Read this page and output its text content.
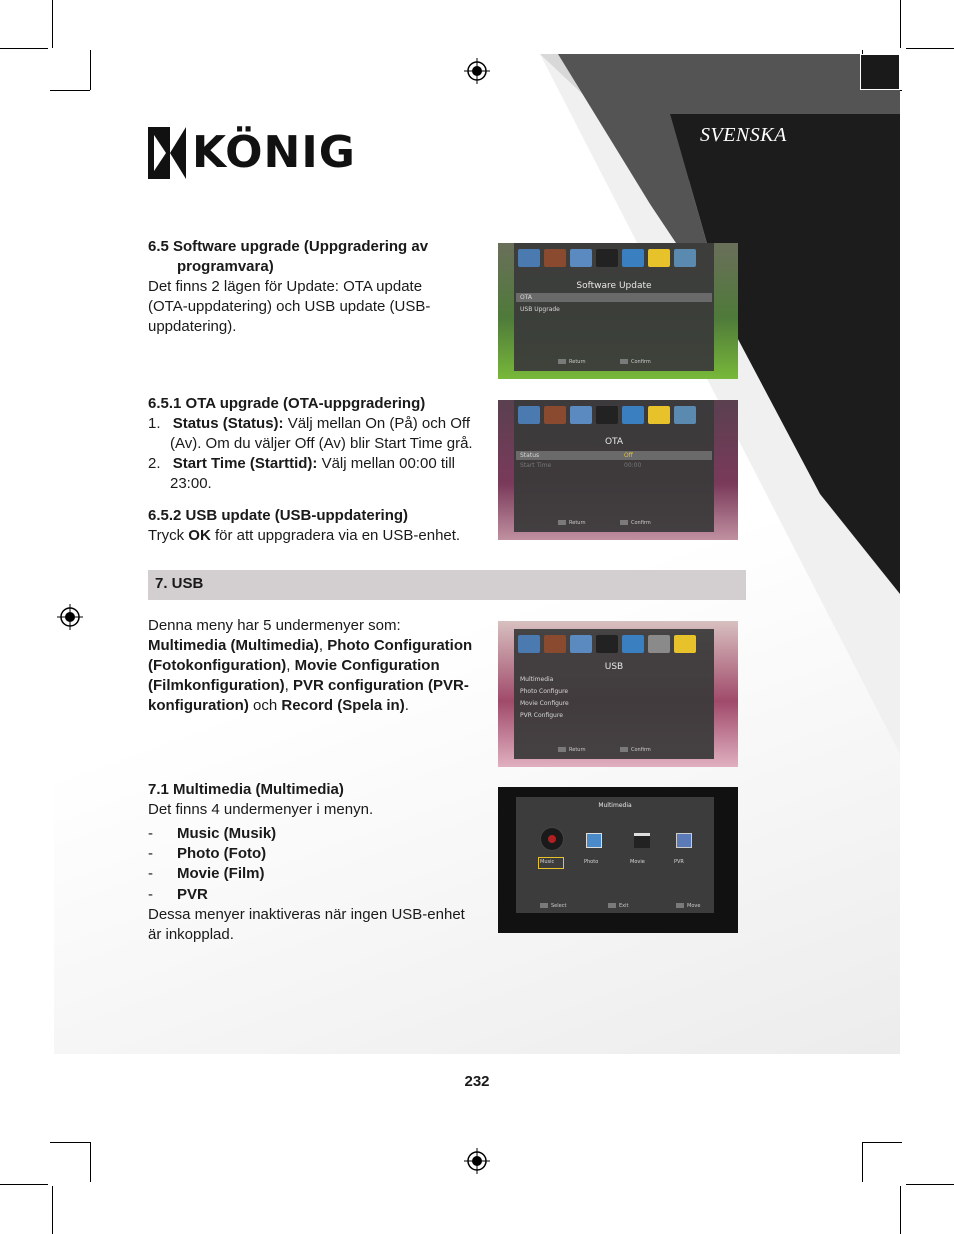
SVENSKA
KÖNIG
6.5 Software upgrade (Uppgradering av
programvara)
Det finns 2 lägen för Update: OTA update
(OTA-uppdatering) och USB update (USB-
uppdatering).
6.5.1 OTA upgrade (OTA-uppgradering)
1. Status (Status): Välj mellan On (På) och Off
(Av). Om du väljer Off (Av) blir Start Time grå.
2. Start Time (Starttid): Välj mellan 00:00 till
23:00.
6.5.2 USB update (USB-uppdatering)
Tryck OK för att uppgradera via en USB-enhet.
7. USB
Denna meny har 5 undermenyer som:
Multimedia (Multimedia), Photo Configuration
(Fotokonfiguration), Movie Configuration
(Filmkonfiguration), PVR configuration (PVR-
konfiguration) och Record (Spela in).
7.1 Multimedia (Multimedia)
Det finns 4 undermenyer i menyn.
- Music (Musik)
- Photo (Foto)
- Movie (Film)
- PVR
Dessa menyer inaktiveras när ingen USB-enhet
är inkopplad.
Software Update
OTA
USB Upgrade
Return	Confirm
OTA
Status	Off
Start Time	00:00
Return	Confirm
USB
Multimedia
Photo Configure
Movie Configure
PVR Configure
Return	Confirm
Multimedia
Music	Photo	Movie	PVR
Select	Exit	Move
232
